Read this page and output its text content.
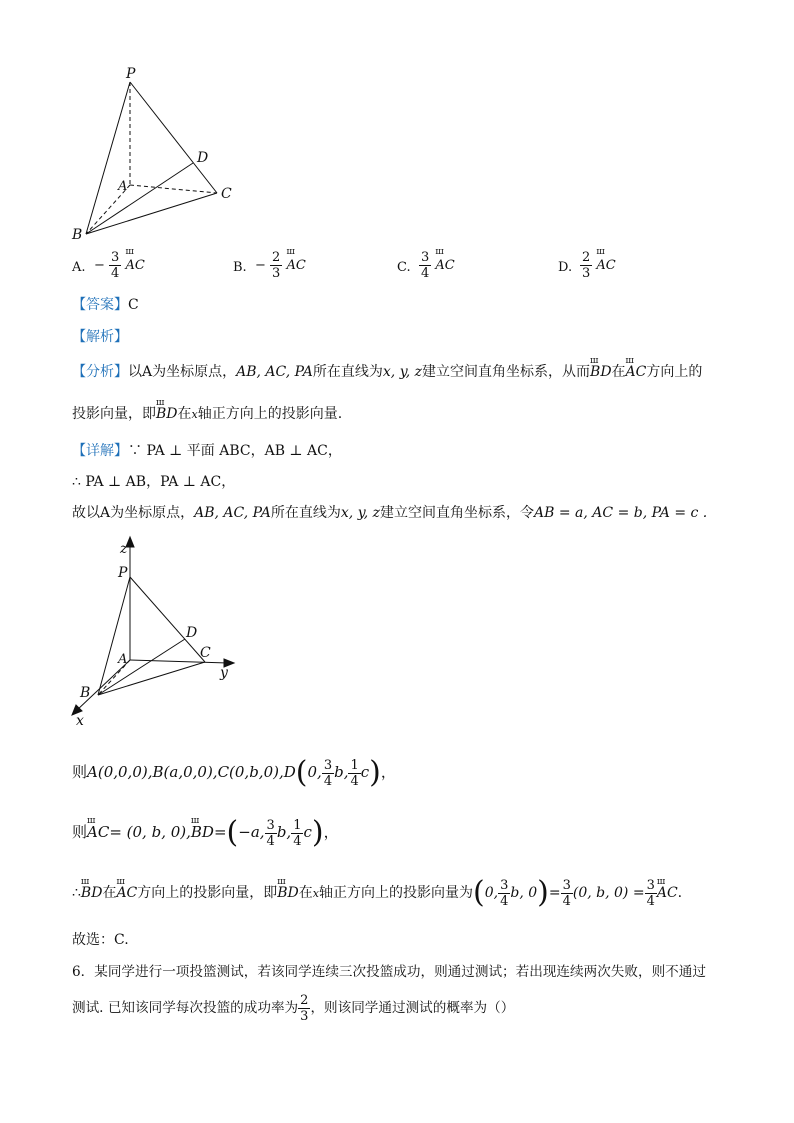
P
A
B
C
D
A. − $\frac{3}{4}$ ш AC	B. − $\frac{2}{3}$ ш AC	C. $\frac{3}{4}$ ш AC	D. $\frac{2}{3}$ ш AC
【答案】C
【解析】
【分析】以A为坐标原点，AB, AC, PA所在直线为x, y, z建立空间直角坐标系，从而ш BD在ш AC方向上的
投影向量，即ш BD在x轴正方向上的投影向量.
【详解】∵ PA ⊥ 平面 ABC，AB ⊥ AC，
∴ PA ⊥ AB，PA ⊥ AC，
故以A为坐标原点，AB, AC, PA所在直线为x, y, z建立空间直角坐标系，令AB = a, AC = b, PA = c .
z
P
D
A	C
y
B
x
则A(0,0,0),B(a,0,0),C(0,b,0),D(0, $\frac{3}{4} b$, $\frac{1}{4} c$)，
则ш AC= (0, b, 0),ш BD=(−a, $\frac{3}{4} b$, $\frac{1}{4} c$)，
∴ш BD在ш AC方向上的投影向量，即ш BD在x轴正方向上的投影向量为(0, $\frac{3}{4} b$, $0)= \frac{3}{4} (0$, b, $0) = \frac{3}{4}$ ш AC.
故选：C.
6．某同学进行一项投篮测试，若该同学连续三次投篮成功，则通过测试；若出现连续两次失败，则不通过
测试. 已知该同学每次投篮的成功率为 $\frac{2}{3}$ ，则该同学通过测试的概率为（）
